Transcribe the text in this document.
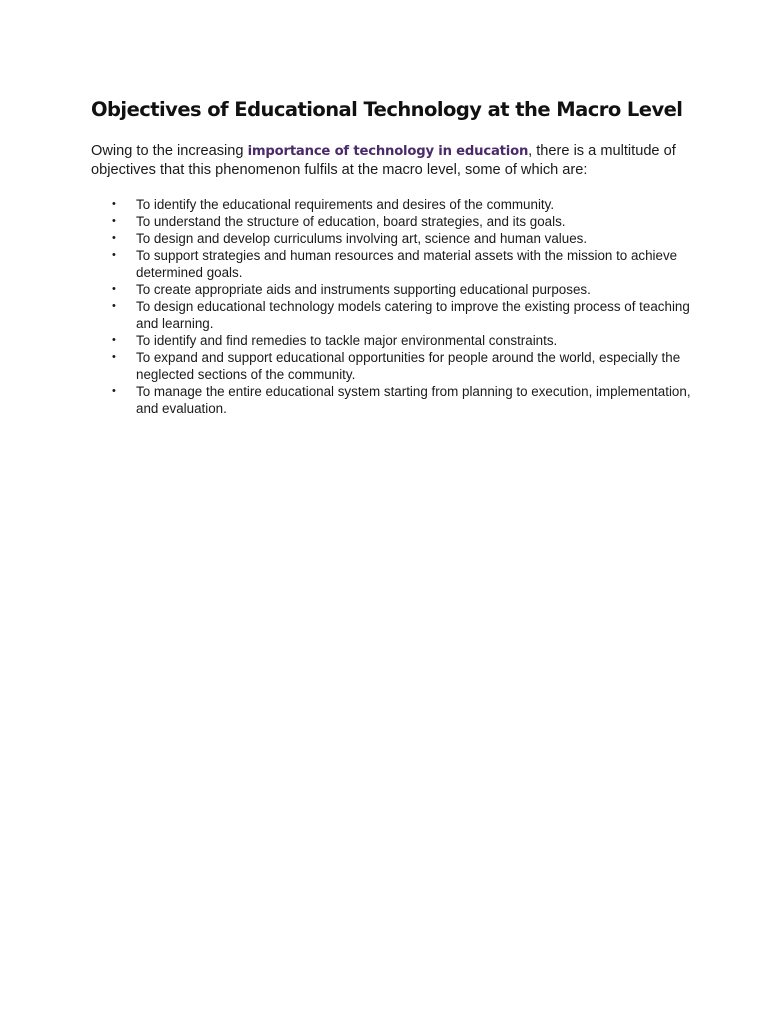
Objectives of Educational Technology at the Macro Level

Owing to the increasing importance of technology in education, there is a multitude of objectives that this phenomenon fulfils at the macro level, some of which are:

• To identify the educational requirements and desires of the community.
• To understand the structure of education, board strategies, and its goals.
• To design and develop curriculums involving art, science and human values.
• To support strategies and human resources and material assets with the mission to achieve determined goals.
• To create appropriate aids and instruments supporting educational purposes.
• To design educational technology models catering to improve the existing process of teaching and learning.
• To identify and find remedies to tackle major environmental constraints.
• To expand and support educational opportunities for people around the world, especially the neglected sections of the community.
• To manage the entire educational system starting from planning to execution, implementation, and evaluation.
